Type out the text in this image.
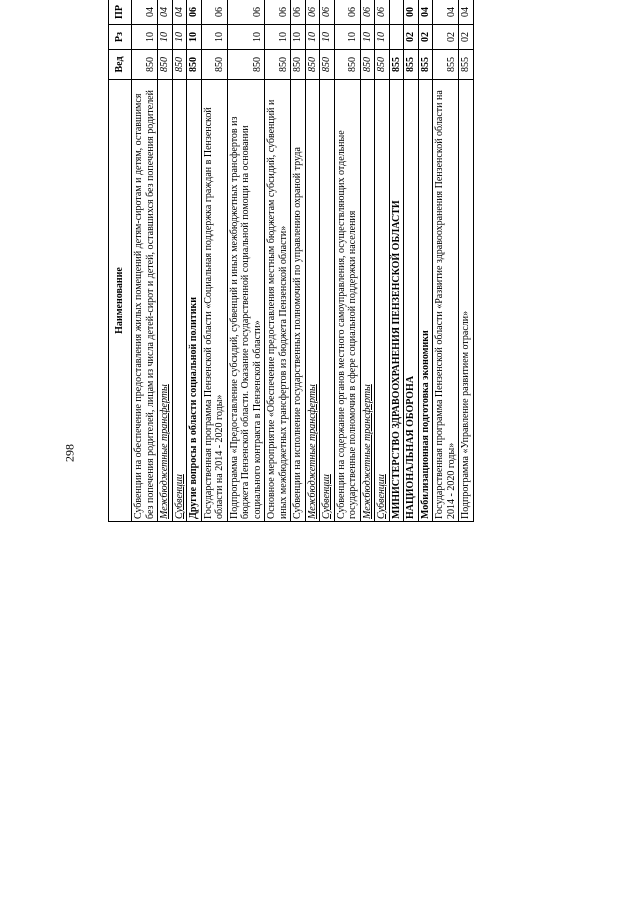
298
Наименование	Вед	Рз	ПР			
Субвенции на обеспечение предоставления жилых помещений детям-сиротам и детям, оставшимся без попечения родителей, лицам из числа детей-сирот и детей, оставшихся без попечения родителей	850	10	04			
Межбюджетные трансферты	850	10	04			
Субвенции	850	10	04			
Другие вопросы в области социальной политики	850	10	06			
Государственная программа Пензенской области «Социальная поддержка граждан в Пензенской области на 2014 - 2020 годы»	850	10	06			
Подпрограмма «Предоставление субсидий, субвенций и иных межбюджетных трансфертов из бюджета Пензенской области. Оказание государственной социальной помощи на основании социального контракта в Пензенской области»	850	10	06			
Основное мероприятие «Обеспечение предоставления местным бюджетам субсидий, субвенций и иных межбюджетных трансфертов из бюджета Пензенской области»	850	10	06			
Субвенции на исполнение государственных полномочий по управлению охраной труда	850	10	06			
Межбюджетные трансферты	850	10	06			
Субвенции	850	10	06			
Субвенции на содержание органов местного самоуправления, осуществляющих отдельные государственные полномочия в сфере социальной поддержки населения	850	10	06			
Межбюджетные трансферты	850	10	06			
Субвенции	850	10	06			
МИНИСТЕРСТВО ЗДРАВООХРАНЕНИЯ ПЕНЗЕНСКОЙ ОБЛАСТИ	855					
НАЦИОНАЛЬНАЯ ОБОРОНА	855	02	00			
Мобилизационная подготовка экономики	855	02	04			
Государственная программа Пензенской области «Развитие здравоохранения Пензенской области на 2014 - 2020 годы»	855	02	04			
Подпрограмма «Управление развитием отрасли»	855	02	04			
